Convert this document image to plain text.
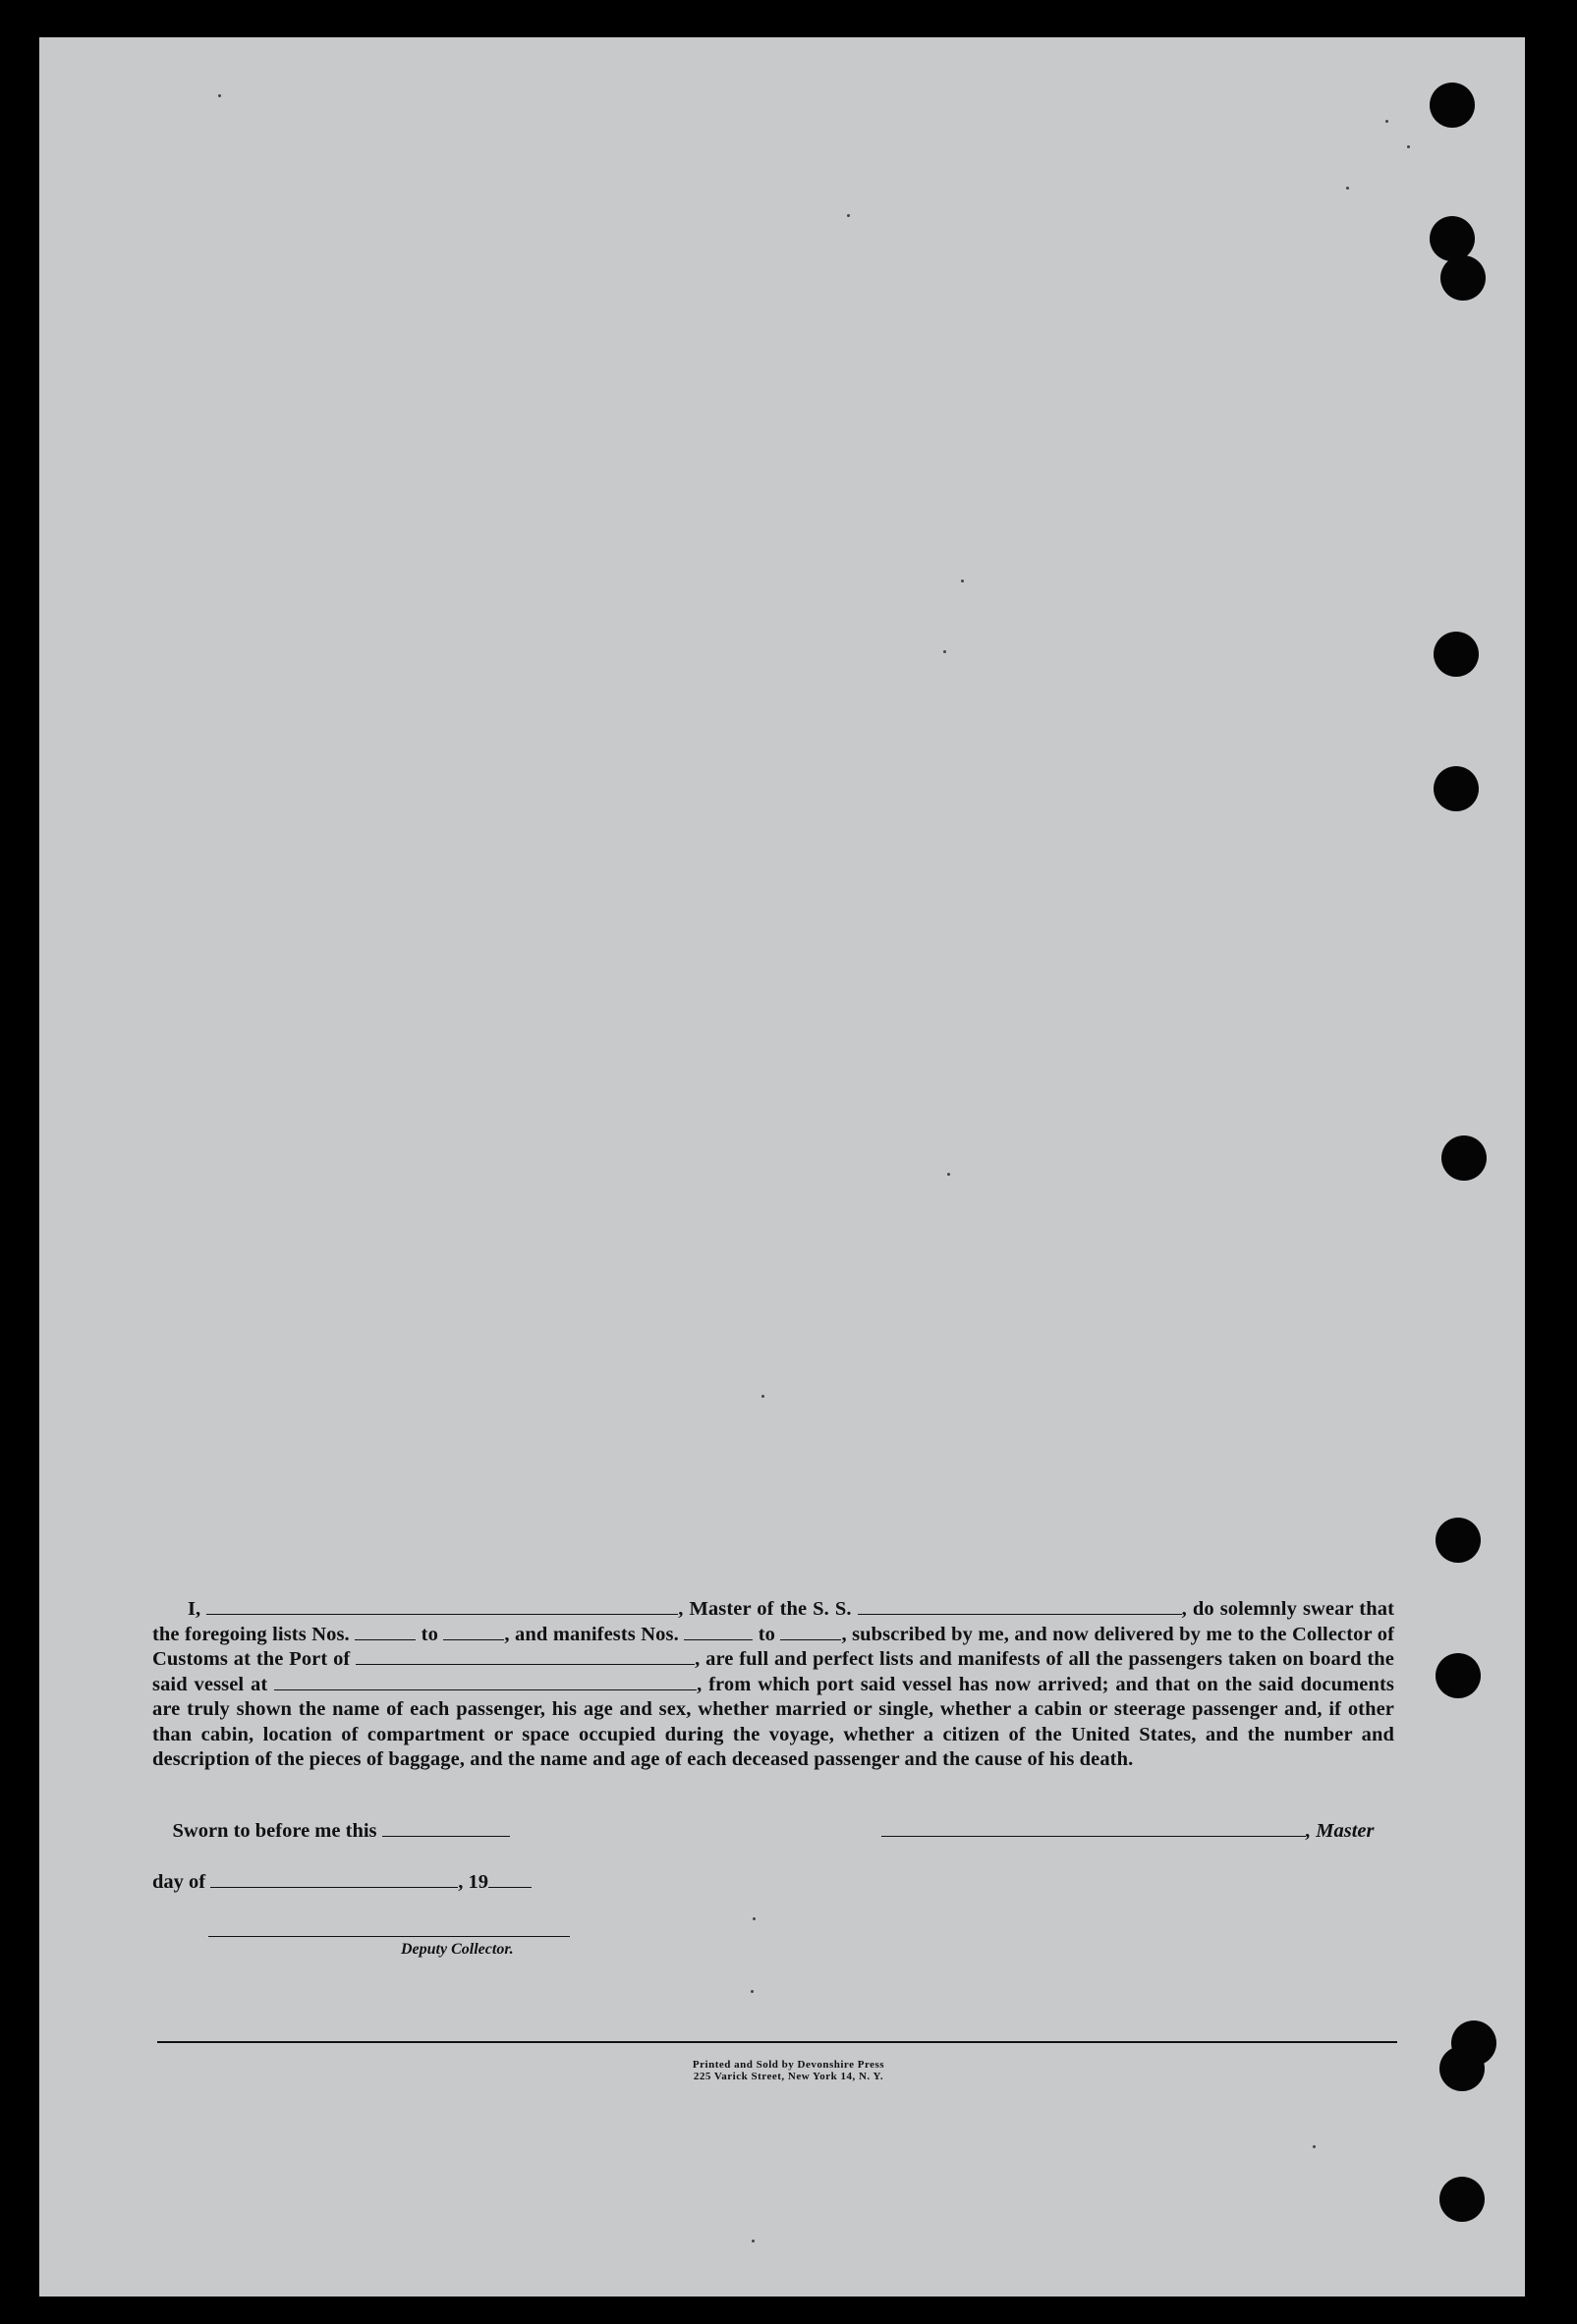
I,	, Master of the S. S.	, do solemnly swear that the foregoing lists Nos.	to	, and manifests Nos.	to	, subscribed by me, and now delivered by me to the Collector of Customs at the Port of	, are full and perfect lists and manifests of all the passengers taken on board the said vessel at	, from which port said vessel has now arrived; and that on the said documents are truly shown the name of each passenger, his age and sex, whether married or single, whether a cabin or steerage passenger and, if other than cabin, location of compartment or space occupied during the voyage, whether a citizen of the United States, and the number and description of the pieces of baggage, and the name and age of each deceased passenger and the cause of his death.

Sworn to before me this	, Master
day of	, 19
Deputy Collector.
Printed and Sold by Devonshire Press
225 Varick Street, New York 14, N. Y.
